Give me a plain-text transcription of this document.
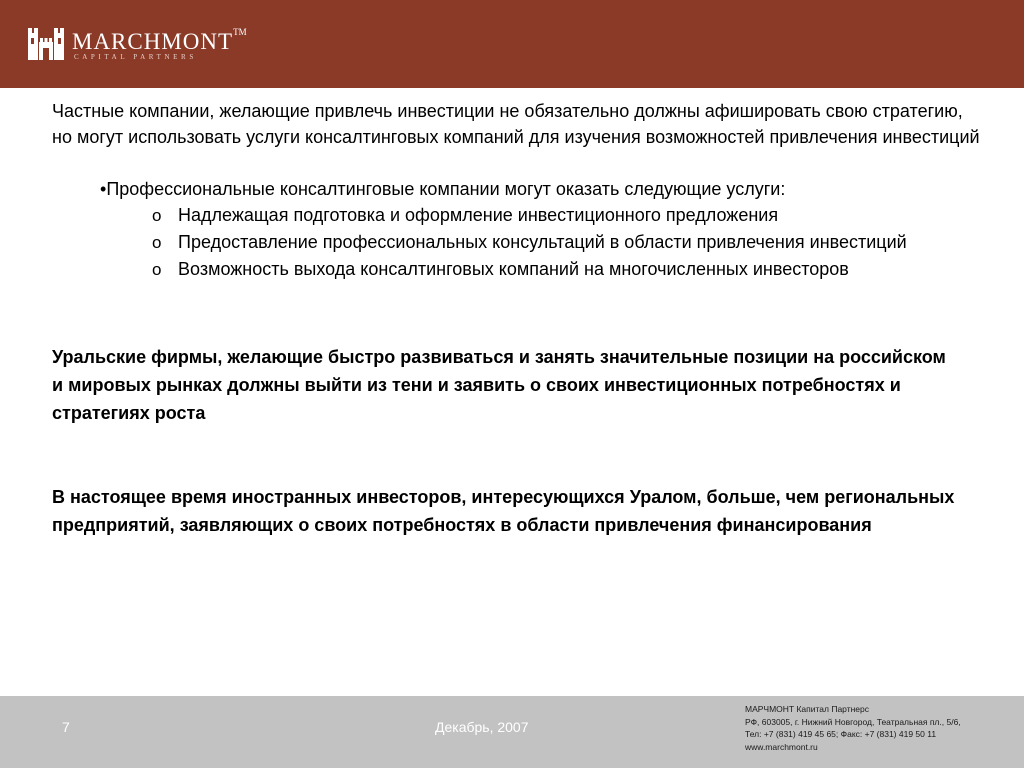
MARCHMONT™
CAPITAL PARTNERS

Частные компании, желающие привлечь инвестиции не обязательно должны афишировать свою стратегию, но могут использовать услуги консалтинговых компаний для изучения возможностей привлечения инвестиций

•Профессиональные консалтинговые компании могут оказать следующие услуги:
o Надлежащая подготовка и оформление инвестиционного предложения
o Предоставление профессиональных консультаций в области привлечения инвестиций
o Возможность выхода консалтинговых компаний на многочисленных инвесторов

Уральские фирмы, желающие быстро развиваться и занять значительные позиции на российском и мировых рынках должны выйти из тени и заявить о своих инвестиционных потребностях и стратегиях роста

В настоящее время иностранных инвесторов, интересующихся Уралом, больше, чем региональных предприятий, заявляющих о своих потребностях в области привлечения финансирования

7	Декабрь, 2007
МАРЧМОНТ Капитал Партнерс
РФ, 603005, г. Нижний Новгород, Театральная пл., 5/6,
Тел: +7 (831) 419 45 65; Факс: +7 (831) 419 50 11
www.marchmont.ru
